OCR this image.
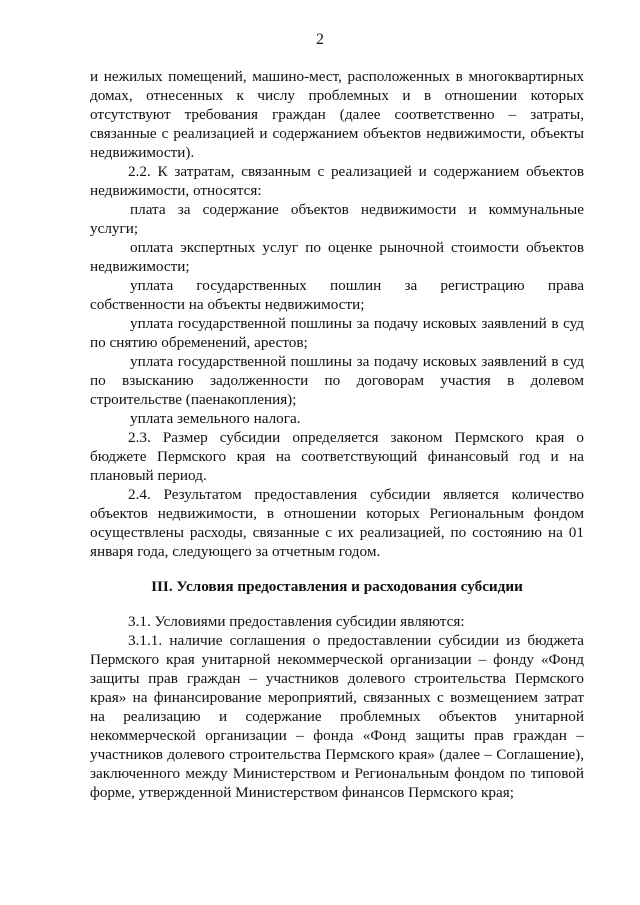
2

и нежилых помещений, машино-мест, расположенных в многоквартирных домах, отнесенных к числу проблемных и в отношении которых отсутствуют требования граждан (далее соответственно – затраты, связанные с реализацией и содержанием объектов недвижимости, объекты недвижимости).

2.2. К затратам, связанным с реализацией и содержанием объектов недвижимости, относятся:

плата за содержание объектов недвижимости и коммунальные услуги;

оплата экспертных услуг по оценке рыночной стоимости объектов недвижимости;

уплата государственных пошлин за регистрацию права собственности на объекты недвижимости;

уплата государственной пошлины за подачу исковых заявлений в суд по снятию обременений, арестов;

уплата государственной пошлины за подачу исковых заявлений в суд по взысканию задолженности по договорам участия в долевом строительстве (паенакопления);

уплата земельного налога.

2.3. Размер субсидии определяется законом Пермского края о бюджете Пермского края на соответствующий финансовый год и на плановый период.

2.4. Результатом предоставления субсидии является количество объектов недвижимости, в отношении которых Региональным фондом осуществлены расходы, связанные с их реализацией, по состоянию на 01 января года, следующего за отчетным годом.

III. Условия предоставления и расходования субсидии

3.1. Условиями предоставления субсидии являются:

3.1.1. наличие соглашения о предоставлении субсидии из бюджета Пермского края унитарной некоммерческой организации – фонду «Фонд защиты прав граждан – участников долевого строительства Пермского края» на финансирование мероприятий, связанных с возмещением затрат на реализацию и содержание проблемных объектов унитарной некоммерческой организации – фонда «Фонд защиты прав граждан – участников долевого строительства Пермского края» (далее – Соглашение), заключенного между Министерством и Региональным фондом по типовой форме, утвержденной Министерством финансов Пермского края;
